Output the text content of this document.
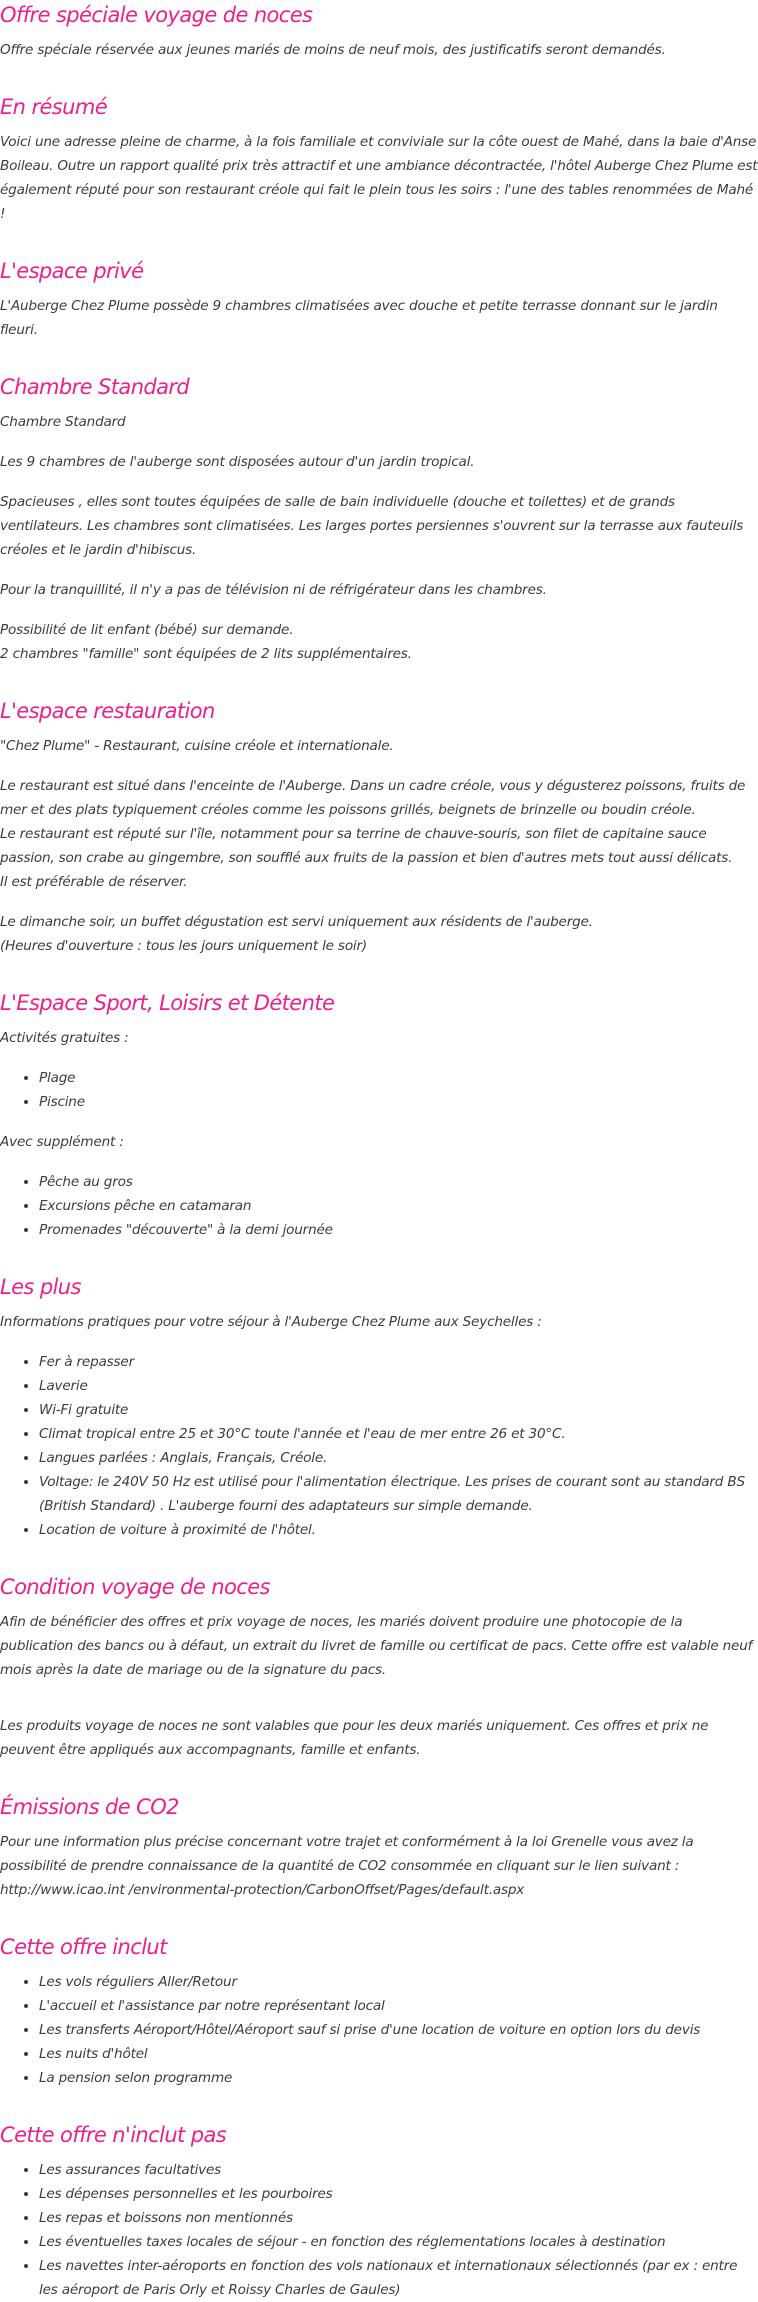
Offre spéciale voyage de noces

Offre spéciale réservée aux jeunes mariés de moins de neuf mois, des justificatifs seront demandés.

En résumé

Voici une adresse pleine de charme, à la fois familiale et conviviale sur la côte ouest de Mahé, dans la baie d'Anse Boileau. Outre un rapport qualité prix très attractif et une ambiance décontractée, l'hôtel Auberge Chez Plume est également réputé pour son restaurant créole qui fait le plein tous les soirs : l'une des tables renommées de Mahé !

L'espace privé

L'Auberge Chez Plume possède 9 chambres climatisées avec douche et petite terrasse donnant sur le jardin fleuri.

Chambre Standard

Chambre Standard

Les 9 chambres de l'auberge sont disposées autour d'un jardin tropical.

Spacieuses , elles sont toutes équipées de salle de bain individuelle (douche et toilettes) et de grands ventilateurs. Les chambres sont climatisées. Les larges portes persiennes s'ouvrent sur la terrasse aux fauteuils créoles et le jardin d'hibiscus.

Pour la tranquillité, il n'y a pas de télévision ni de réfrigérateur dans les chambres.

Possibilité de lit enfant (bébé) sur demande.

2 chambres "famille" sont équipées de 2 lits supplémentaires.

L'espace restauration

"Chez Plume" - Restaurant, cuisine créole et internationale.

Le restaurant est situé dans l'enceinte de l'Auberge. Dans un cadre créole, vous y dégusterez poissons, fruits de mer et des plats typiquement créoles comme les poissons grillés, beignets de brinzelle ou boudin créole.

Le restaurant est réputé sur l'île, notamment pour sa terrine de chauve-souris, son filet de capitaine sauce passion, son crabe au gingembre, son soufflé aux fruits de la passion et bien d'autres mets tout aussi délicats.

Il est préférable de réserver.

Le dimanche soir, un buffet dégustation est servi uniquement aux résidents de l'auberge.

(Heures d'ouverture : tous les jours uniquement le soir)

L'Espace Sport, Loisirs et Détente

Activités gratuites :

• Plage
• Piscine

Avec supplément :

• Pêche au gros
• Excursions pêche en catamaran
• Promenades "découverte" à la demi journée
Les plus

Informations pratiques pour votre séjour à l'Auberge Chez Plume aux Seychelles :

• Fer à repasser
• Laverie
• Wi-Fi gratuite
• Climat tropical entre 25 et 30°C toute l'année et l'eau de mer entre 26 et 30°C.
• Langues parlées : Anglais, Français, Créole.
• Voltage: le 240V 50 Hz est utilisé pour l'alimentation électrique. Les prises de courant sont au standard BS (British Standard) . L'auberge fourni des adaptateurs sur simple demande.
• Location de voiture à proximité de l'hôtel.
Condition voyage de noces

Afin de bénéficier des offres et prix voyage de noces, les mariés doivent produire une photocopie de la publication des bancs ou à défaut, un extrait du livret de famille ou certificat de pacs. Cette offre est valable neuf mois après la date de mariage ou de la signature du pacs.

Les produits voyage de noces ne sont valables que pour les deux mariés uniquement. Ces offres et prix ne peuvent être appliqués aux accompagnants, famille et enfants.

Émissions de CO2

Pour une information plus précise concernant votre trajet et conformément à la loi Grenelle vous avez la possibilité de prendre connaissance de la quantité de CO2 consommée en cliquant sur le lien suivant : http://www.icao.int /environmental-protection/CarbonOffset/Pages/default.aspx

Cette offre inclut
• Les vols réguliers Aller/Retour
• L'accueil et l'assistance par notre représentant local
• Les transferts Aéroport/Hôtel/Aéroport sauf si prise d'une location de voiture en option lors du devis
• Les nuits d'hôtel
• La pension selon programme
Cette offre n'inclut pas
• Les assurances facultatives
• Les dépenses personnelles et les pourboires
• Les repas et boissons non mentionnés
• Les éventuelles taxes locales de séjour - en fonction des réglementations locales à destination
• Les navettes inter-aéroports en fonction des vols nationaux et internationaux sélectionnés (par ex : entre les aéroport de Paris Orly et Roissy Charles de Gaules)
